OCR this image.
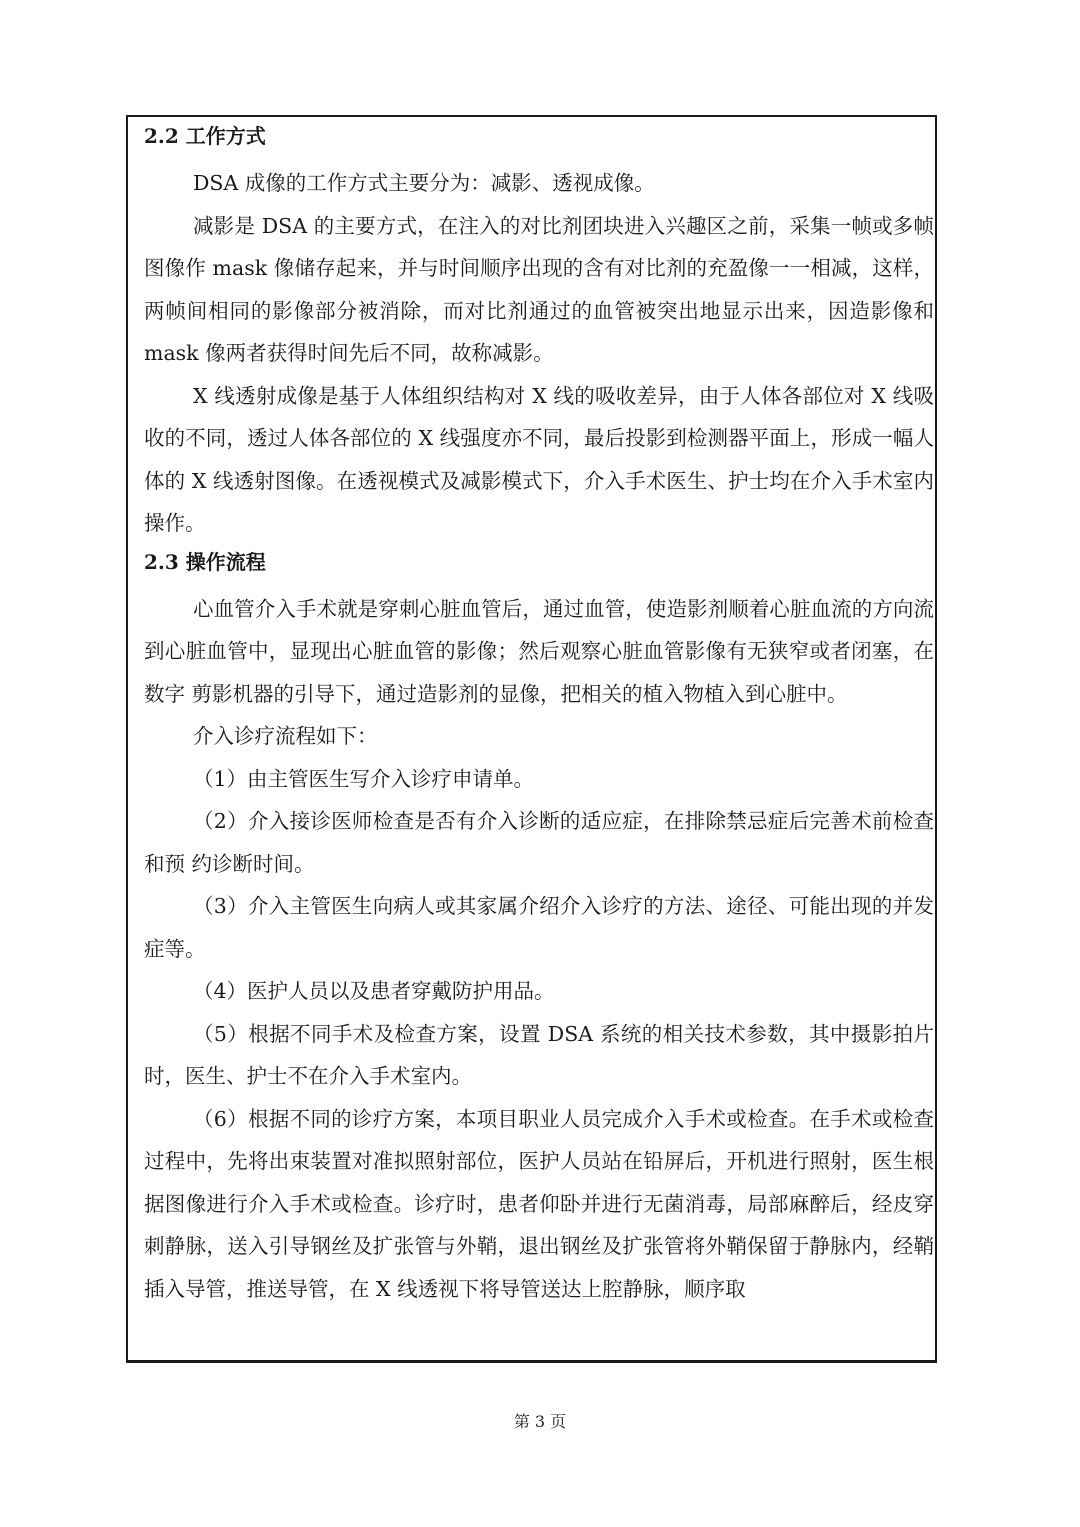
2.2 工作方式

DSA 成像的工作方式主要分为：减影、透视成像。

减影是 DSA 的主要方式，在注入的对比剂团块进入兴趣区之前，采集一帧或多帧图像作 mask 像储存起来，并与时间顺序出现的含有对比剂的充盈像一一相减，这样，两帧间相同的影像部分被消除，而对比剂通过的血管被突出地显示出来，因造影像和 mask 像两者获得时间先后不同，故称减影。

X 线透射成像是基于人体组织结构对 X 线的吸收差异，由于人体各部位对 X 线吸收的不同，透过人体各部位的 X 线强度亦不同，最后投影到检测器平面上，形成一幅人体的 X 线透射图像。在透视模式及减影模式下，介入手术医生、护士均在介入手术室内操作。

2.3 操作流程

心血管介入手术就是穿刺心脏血管后，通过血管，使造影剂顺着心脏血流的方向流到心脏血管中，显现出心脏血管的影像；然后观察心脏血管影像有无狭窄或者闭塞，在数字 剪影机器的引导下，通过造影剂的显像，把相关的植入物植入到心脏中。

介入诊疗流程如下：

（1）由主管医生写介入诊疗申请单。

（2）介入接诊医师检查是否有介入诊断的适应症，在排除禁忌症后完善术前检查和预 约诊断时间。

（3）介入主管医生向病人或其家属介绍介入诊疗的方法、途径、可能出现的并发症等。

（4）医护人员以及患者穿戴防护用品。

（5）根据不同手术及检查方案，设置 DSA 系统的相关技术参数，其中摄影拍片时，医生、护士不在介入手术室内。

（6）根据不同的诊疗方案，本项目职业人员完成介入手术或检查。在手术或检查过程中，先将出束装置对准拟照射部位，医护人员站在铅屏后，开机进行照射，医生根据图像进行介入手术或检查。诊疗时，患者仰卧并进行无菌消毒，局部麻醉后，经皮穿刺静脉，送入引导钢丝及扩张管与外鞘，退出钢丝及扩张管将外鞘保留于静脉内，经鞘插入导管，推送导管，在 X 线透视下将导管送达上腔静脉，顺序取

第 3 页
